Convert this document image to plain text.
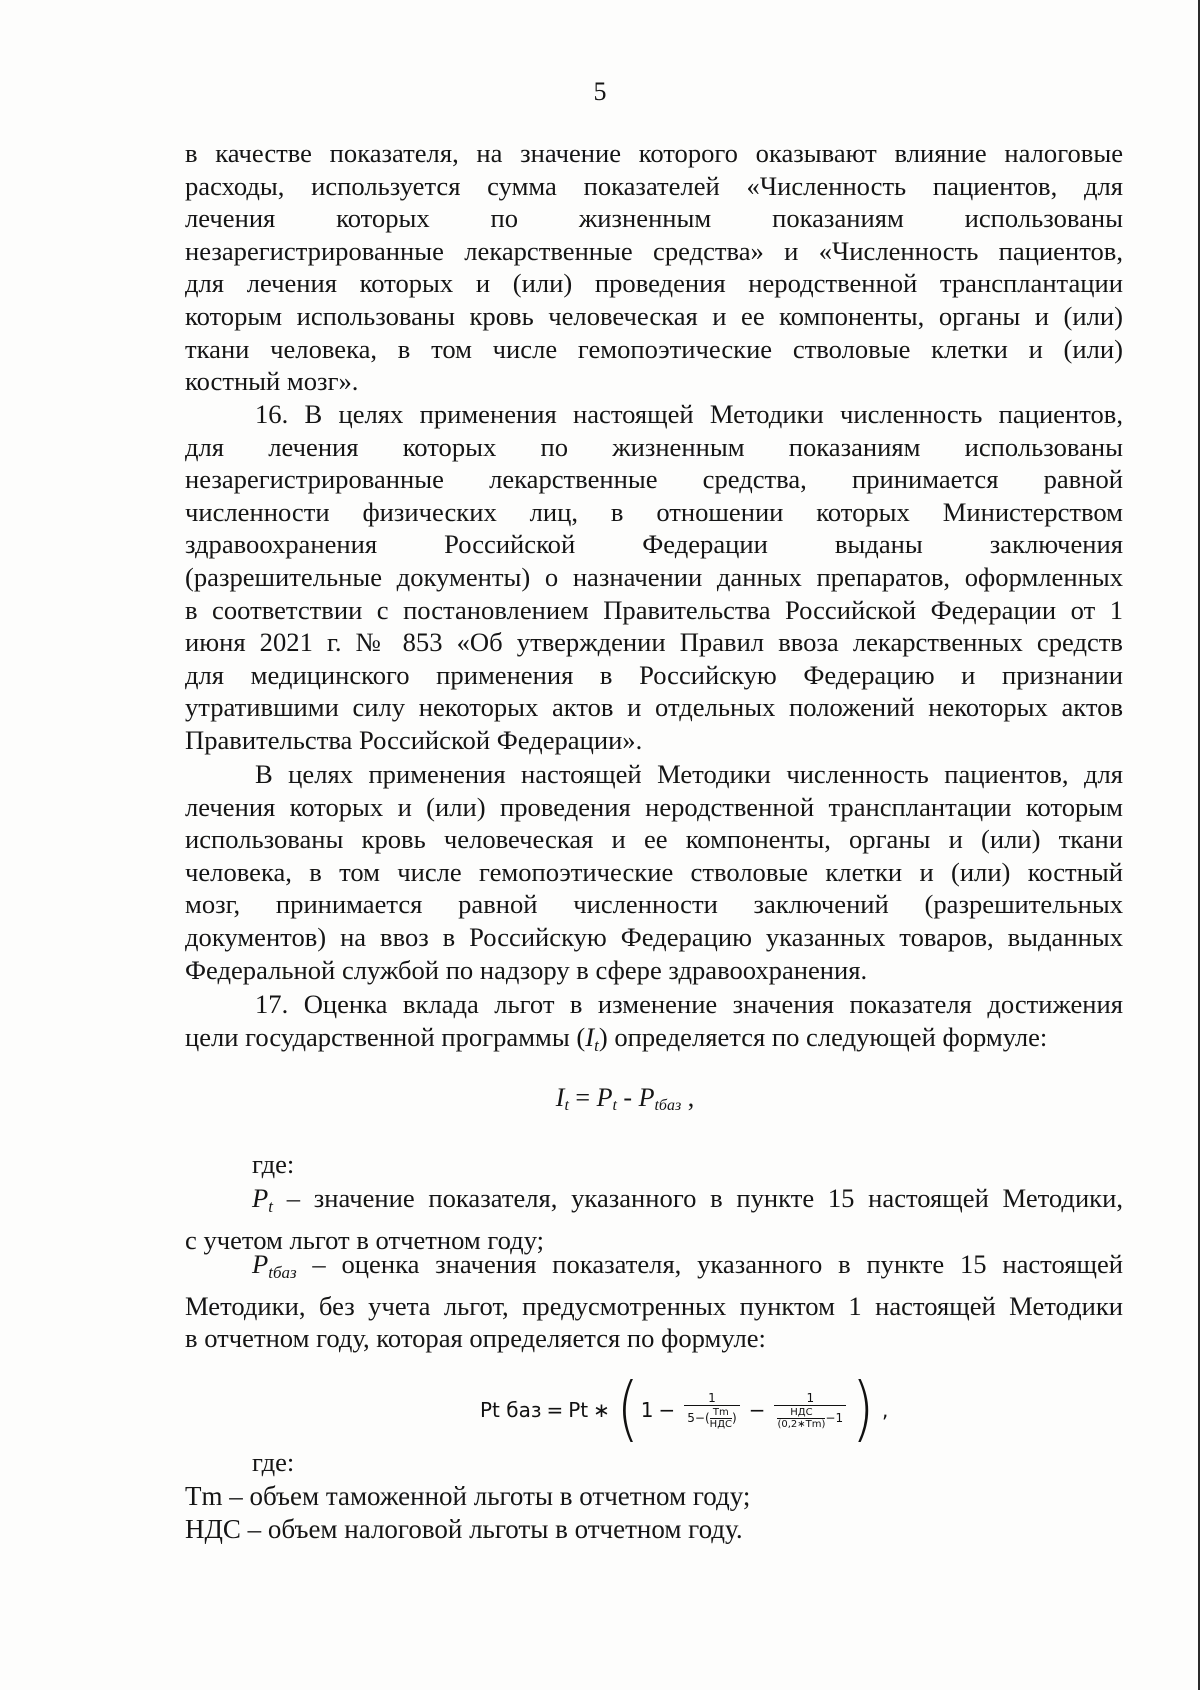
5

в качестве показателя, на значение которого оказывают влияние налоговые

расходы, используется сумма показателей «Численность пациентов, для

лечения которых по жизненным показаниям использованы

незарегистрированные лекарственные средства» и «Численность пациентов,

для лечения которых и (или) проведения неродственной трансплантации

которым использованы кровь человеческая и ее компоненты, органы и (или)

ткани человека, в том числе гемопоэтические стволовые клетки и (или)

костный мозг».

16. В целях применения настоящей Методики численность пациентов,

для лечения которых по жизненным показаниям использованы

незарегистрированные лекарственные средства, принимается равной

численности физических лиц, в отношении которых Министерством

здравоохранения Российской Федерации выданы заключения

(разрешительные документы) о назначении данных препаратов, оформленных

в соответствии с постановлением Правительства Российской Федерации от 1

июня 2021 г. № 853 «Об утверждении Правил ввоза лекарственных средств

для медицинского применения в Российскую Федерацию и признании

утратившими силу некоторых актов и отдельных положений некоторых актов

Правительства Российской Федерации».

В целях применения настоящей Методики численность пациентов, для

лечения которых и (или) проведения неродственной трансплантации которым

использованы кровь человеческая и ее компоненты, органы и (или) ткани

человека, в том числе гемопоэтические стволовые клетки и (или) костный

мозг, принимается равной численности заключений (разрешительных

документов) на ввоз в Российскую Федерацию указанных товаров, выданных

Федеральной службой по надзору в сфере здравоохранения.

17. Оценка вклада льгот в изменение значения показателя достижения

цели государственной программы $(I_t)$ определяется по следующей формуле:

$I_t = P_t - P_{tбаз}$ ,
где:

$P_t$ – значение показателя, указанного в пункте 15 настоящей Методики,

с учетом льгот в отчетном году;

$P_{tбаз}$ – оценка значения показателя, указанного в пункте 15 настоящей

Методики, без учета льгот, предусмотренных пунктом 1 настоящей Методики

в отчетном году, которая определяется по формуле:

Pt баз = Pt ∗ ( 1 − 1
5− ( Tm
НДС ) − 1
НДС
(0,2∗Tm) −1 ) ,
где:

Tm – объем таможенной льготы в отчетном году;

НДС – объем налоговой льготы в отчетном году.
